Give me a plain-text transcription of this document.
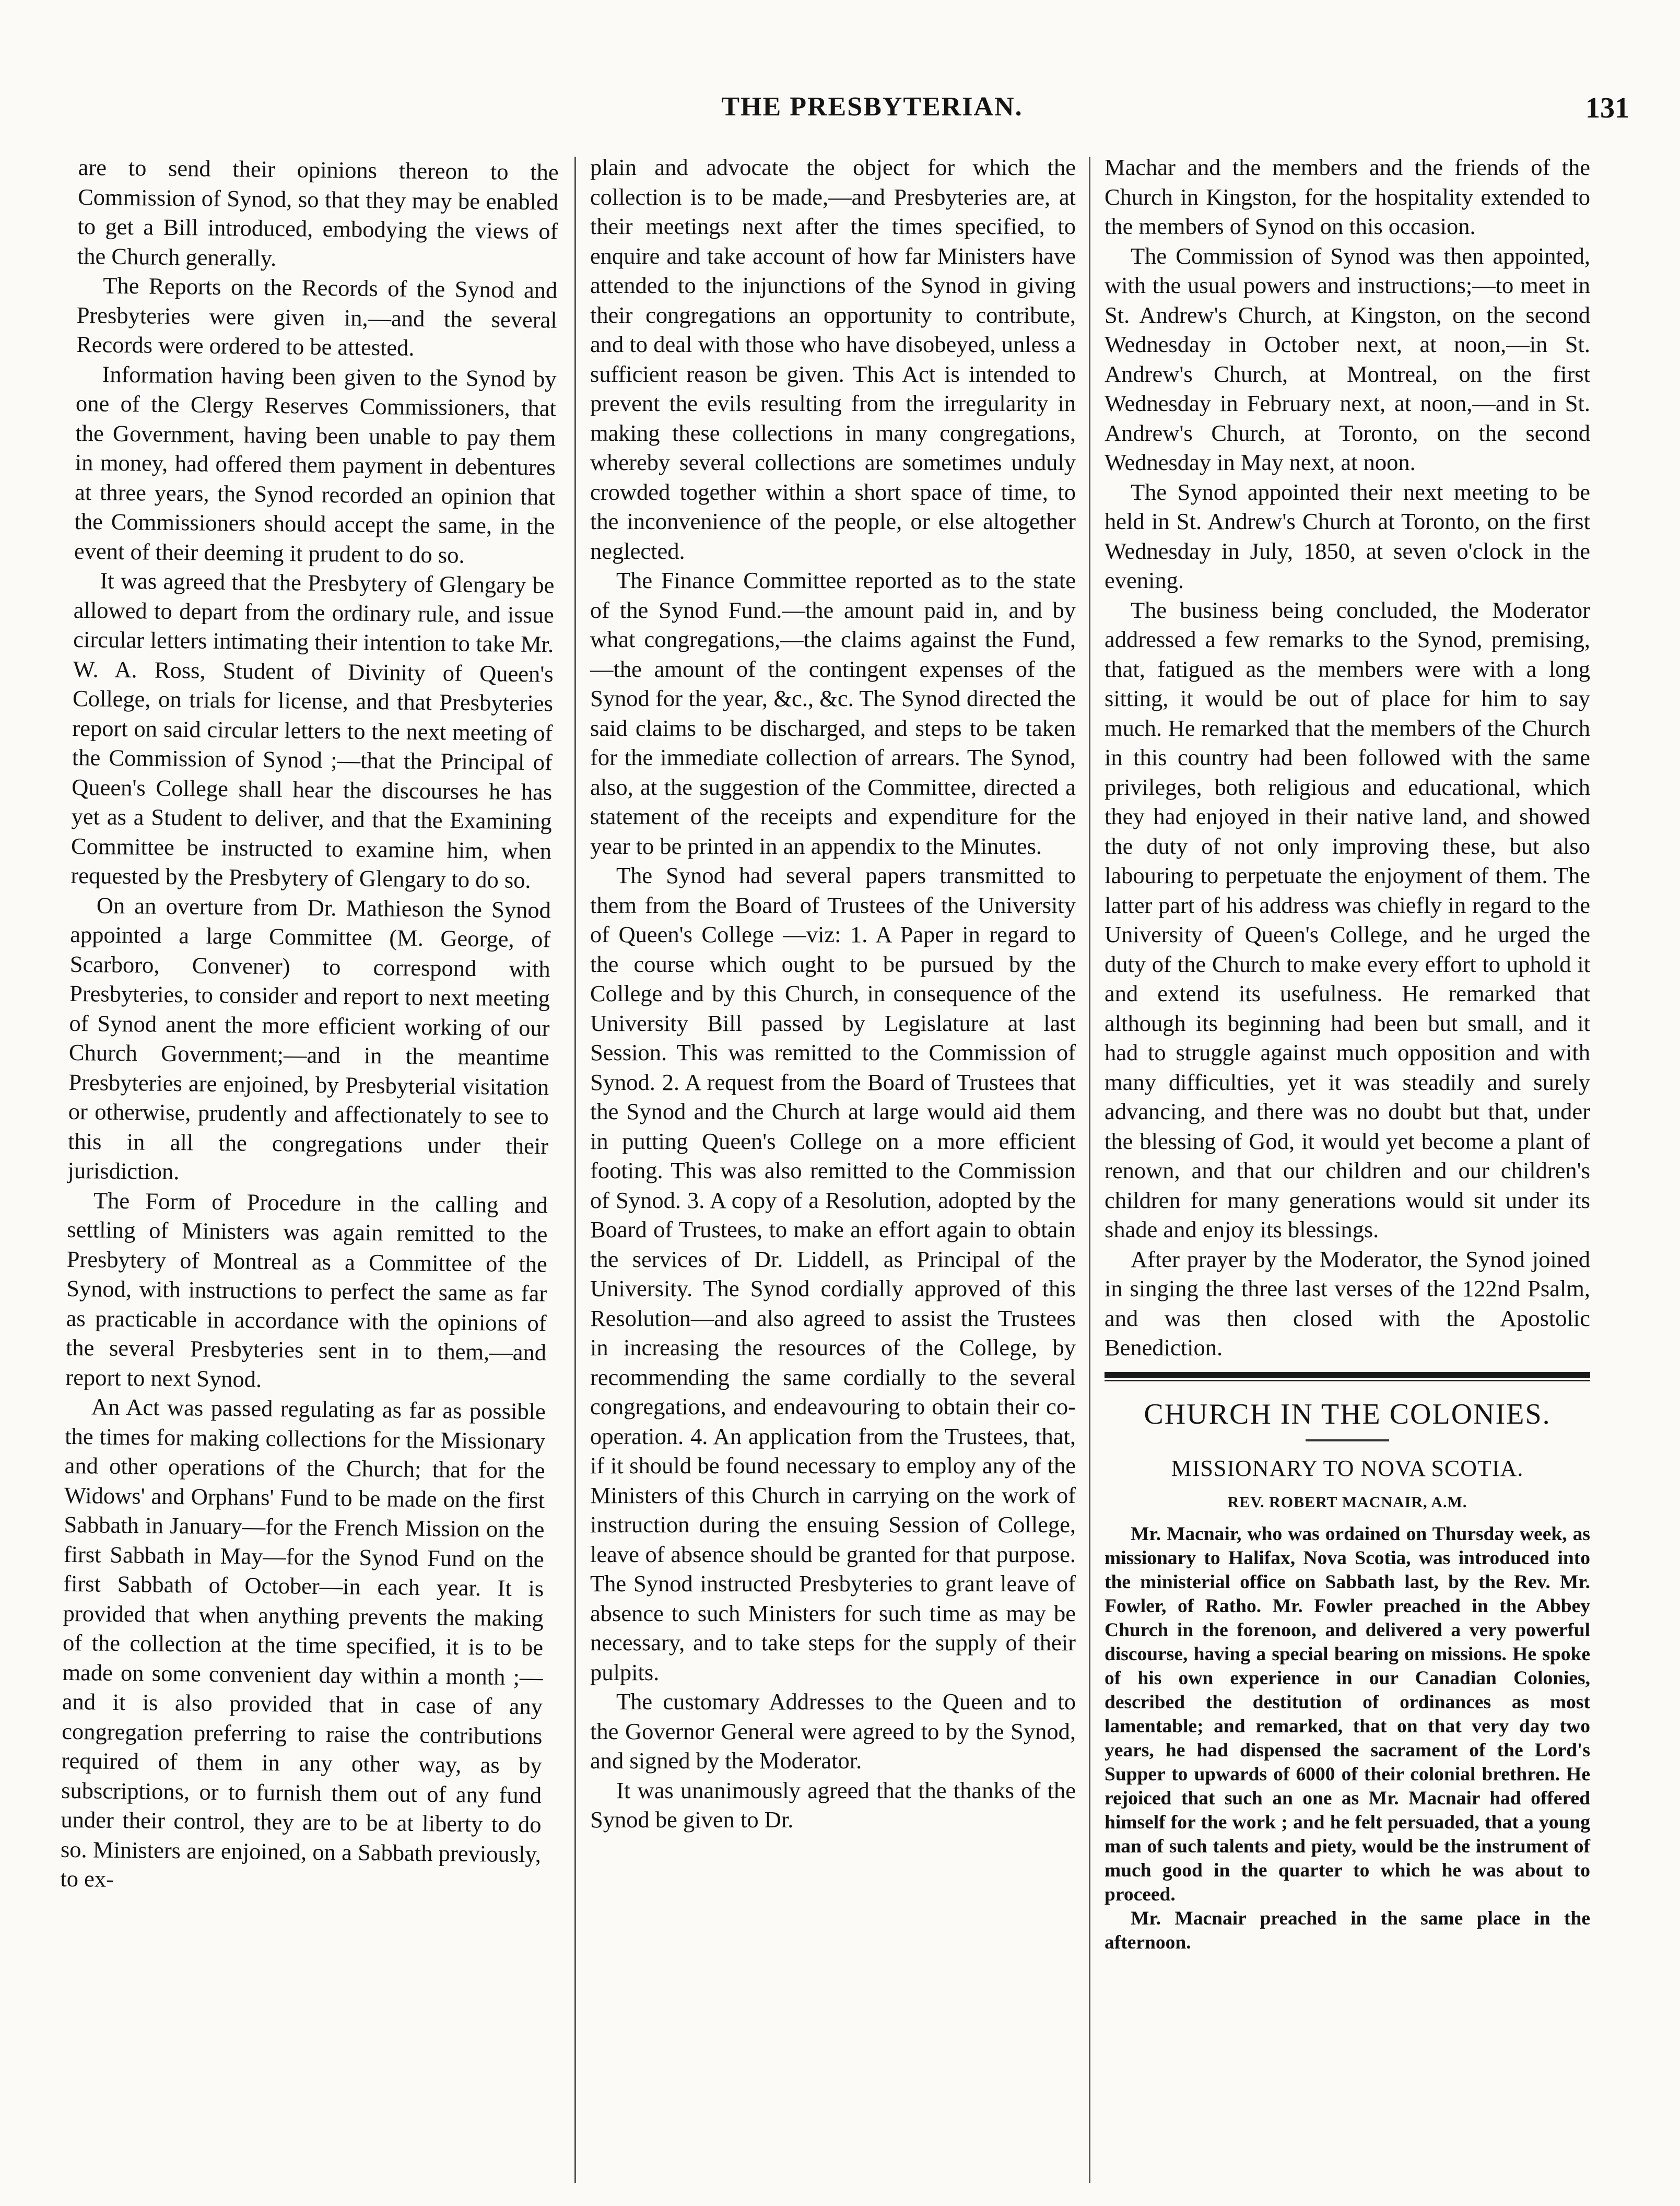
THE PRESBYTERIAN.	131

are to send their opinions thereon to the Commission of Synod, so that they may be enabled to get a Bill introduced, embodying the views of the Church generally.

The Reports on the Records of the Synod and Presbyteries were given in,—and the several Records were ordered to be attested.

Information having been given to the Synod by one of the Clergy Reserves Commissioners, that the Government, having been unable to pay them in money, had offered them payment in debentures at three years, the Synod recorded an opinion that the Commissioners should accept the same, in the event of their deeming it prudent to do so.

It was agreed that the Presbytery of Glengary be allowed to depart from the ordinary rule, and issue circular letters intimating their intention to take Mr. W. A. Ross, Student of Divinity of Queen's College, on trials for license, and that Presbyteries report on said circular letters to the next meeting of the Commission of Synod ;—that the Principal of Queen's College shall hear the discourses he has yet as a Student to deliver, and that the Examining Committee be instructed to examine him, when requested by the Presbytery of Glengary to do so.

On an overture from Dr. Mathieson the Synod appointed a large Committee (M. George, of Scarboro, Convener) to correspond with Presbyteries, to consider and report to next meeting of Synod anent the more efficient working of our Church Government;—and in the meantime Presbyteries are enjoined, by Presbyterial visitation or otherwise, prudently and affectionately to see to this in all the congregations under their jurisdiction.

The Form of Procedure in the calling and settling of Ministers was again remitted to the Presbytery of Montreal as a Committee of the Synod, with instructions to perfect the same as far as practicable in accordance with the opinions of the several Presbyteries sent in to them,—and report to next Synod.

An Act was passed regulating as far as possible the times for making collections for the Missionary and other operations of the Church; that for the Widows' and Orphans' Fund to be made on the first Sabbath in January—for the French Mission on the first Sabbath in May—for the Synod Fund on the first Sabbath of October—in each year. It is provided that when anything prevents the making of the collection at the time specified, it is to be made on some convenient day within a month ;—and it is also provided that in case of any congregation preferring to raise the contributions required of them in any other way, as by subscriptions, or to furnish them out of any fund under their control, they are to be at liberty to do so. Ministers are enjoined, on a Sabbath previously, to ex-

plain and advocate the object for which the collection is to be made,—and Presbyteries are, at their meetings next after the times specified, to enquire and take account of how far Ministers have attended to the injunctions of the Synod in giving their congregations an opportunity to contribute, and to deal with those who have disobeyed, unless a sufficient reason be given. This Act is intended to prevent the evils resulting from the irregularity in making these collections in many congregations, whereby several collections are sometimes unduly crowded together within a short space of time, to the inconvenience of the people, or else altogether neglected.

The Finance Committee reported as to the state of the Synod Fund.—the amount paid in, and by what congregations,—the claims against the Fund,—the amount of the contingent expenses of the Synod for the year, &c., &c. The Synod directed the said claims to be discharged, and steps to be taken for the immediate collection of arrears. The Synod, also, at the suggestion of the Committee, directed a statement of the receipts and expenditure for the year to be printed in an appendix to the Minutes.

The Synod had several papers transmitted to them from the Board of Trustees of the University of Queen's College —viz: 1. A Paper in regard to the course which ought to be pursued by the College and by this Church, in consequence of the University Bill passed by Legislature at last Session. This was remitted to the Commission of Synod. 2. A request from the Board of Trustees that the Synod and the Church at large would aid them in putting Queen's College on a more efficient footing. This was also remitted to the Commission of Synod. 3. A copy of a Resolution, adopted by the Board of Trustees, to make an effort again to obtain the services of Dr. Liddell, as Principal of the University. The Synod cordially approved of this Resolution—and also agreed to assist the Trustees in increasing the resources of the College, by recommending the same cordially to the several congregations, and endeavouring to obtain their co-operation. 4. An application from the Trustees, that, if it should be found necessary to employ any of the Ministers of this Church in carrying on the work of instruction during the ensuing Session of College, leave of absence should be granted for that purpose. The Synod instructed Presbyteries to grant leave of absence to such Ministers for such time as may be necessary, and to take steps for the supply of their pulpits.

The customary Addresses to the Queen and to the Governor General were agreed to by the Synod, and signed by the Moderator.

It was unanimously agreed that the thanks of the Synod be given to Dr.

Machar and the members and the friends of the Church in Kingston, for the hospitality extended to the members of Synod on this occasion.

The Commission of Synod was then appointed, with the usual powers and instructions;—to meet in St. Andrew's Church, at Kingston, on the second Wednesday in October next, at noon,—in St. Andrew's Church, at Montreal, on the first Wednesday in February next, at noon,—and in St. Andrew's Church, at Toronto, on the second Wednesday in May next, at noon.

The Synod appointed their next meeting to be held in St. Andrew's Church at Toronto, on the first Wednesday in July, 1850, at seven o'clock in the evening.

The business being concluded, the Moderator addressed a few remarks to the Synod, premising, that, fatigued as the members were with a long sitting, it would be out of place for him to say much. He remarked that the members of the Church in this country had been followed with the same privileges, both religious and educational, which they had enjoyed in their native land, and showed the duty of not only improving these, but also labouring to perpetuate the enjoyment of them. The latter part of his address was chiefly in regard to the University of Queen's College, and he urged the duty of the Church to make every effort to uphold it and extend its usefulness. He remarked that although its beginning had been but small, and it had to struggle against much opposition and with many difficulties, yet it was steadily and surely advancing, and there was no doubt but that, under the blessing of God, it would yet become a plant of renown, and that our children and our children's children for many generations would sit under its shade and enjoy its blessings.

After prayer by the Moderator, the Synod joined in singing the three last verses of the 122nd Psalm, and was then closed with the Apostolic Benediction.

CHURCH IN THE COLONIES.
MISSIONARY TO NOVA SCOTIA.
REV. ROBERT MACNAIR, A.M.

Mr. Macnair, who was ordained on Thursday week, as missionary to Halifax, Nova Scotia, was introduced into the ministerial office on Sabbath last, by the Rev. Mr. Fowler, of Ratho. Mr. Fowler preached in the Abbey Church in the forenoon, and delivered a very powerful discourse, having a special bearing on missions. He spoke of his own experience in our Canadian Colonies, described the destitution of ordinances as most lamentable; and remarked, that on that very day two years, he had dispensed the sacrament of the Lord's Supper to upwards of 6000 of their colonial brethren. He rejoiced that such an one as Mr. Macnair had offered himself for the work ; and he felt persuaded, that a young man of such talents and piety, would be the instrument of much good in the quarter to which he was about to proceed.

Mr. Macnair preached in the same place in the afternoon.
